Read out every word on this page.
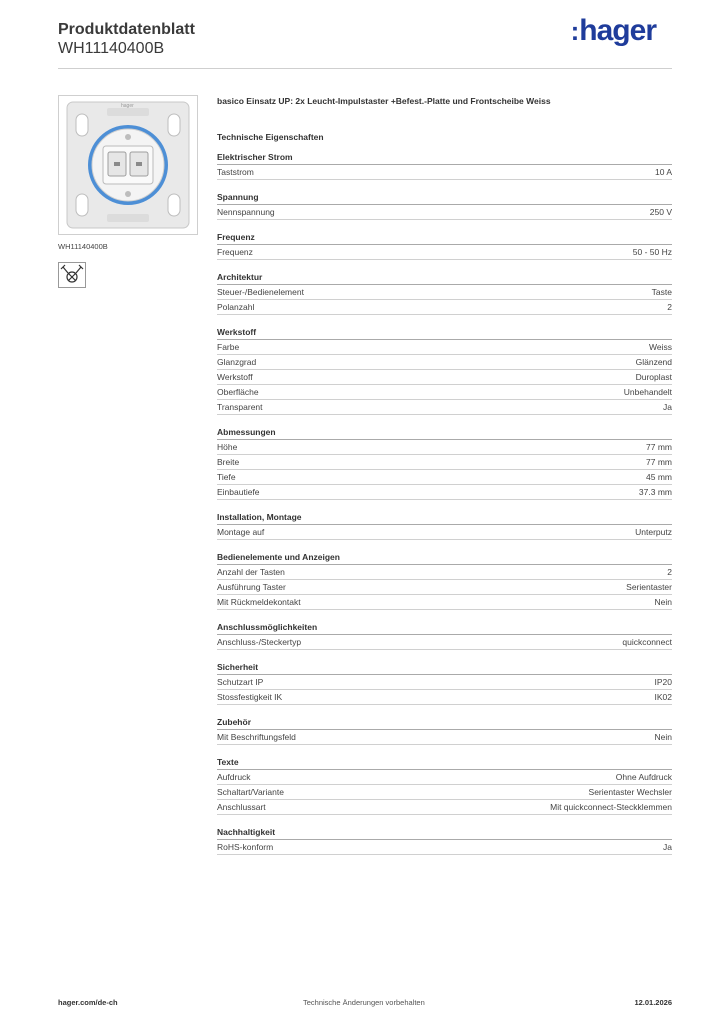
Produktdatenblatt
WH11140400B
:hager
hager
WH11140400B
basico Einsatz UP: 2x Leucht-Impulstaster +Befest.-Platte und Frontscheibe Weiss
Technische Eigenschaften
Elektrischer Strom
Taststrom	10 A
Spannung
Nennspannung	250 V
Frequenz
Frequenz	50 - 50 Hz
Architektur
Steuer-/Bedienelement	Taste
Polanzahl	2
Werkstoff
Farbe	Weiss
Glanzgrad	Glänzend
Werkstoff	Duroplast
Oberfläche	Unbehandelt
Transparent	Ja
Abmessungen
Höhe	77 mm
Breite	77 mm
Tiefe	45 mm
Einbautiefe	37.3 mm
Installation, Montage
Montage auf	Unterputz
Bedienelemente und Anzeigen
Anzahl der Tasten	2
Ausführung Taster	Serientaster
Mit Rückmeldekontakt	Nein
Anschlussmöglichkeiten
Anschluss-/Steckertyp	quickconnect
Sicherheit
Schutzart IP	IP20
Stossfestigkeit IK	IK02
Zubehör
Mit Beschriftungsfeld	Nein
Texte
Aufdruck	Ohne Aufdruck
Schaltart/Variante	Serientaster Wechsler
Anschlussart	Mit quickconnect-Steckklemmen
Nachhaltigkeit
RoHS-konform	Ja
hager.com/de-ch	Technische Änderungen vorbehalten	12.01.2026
